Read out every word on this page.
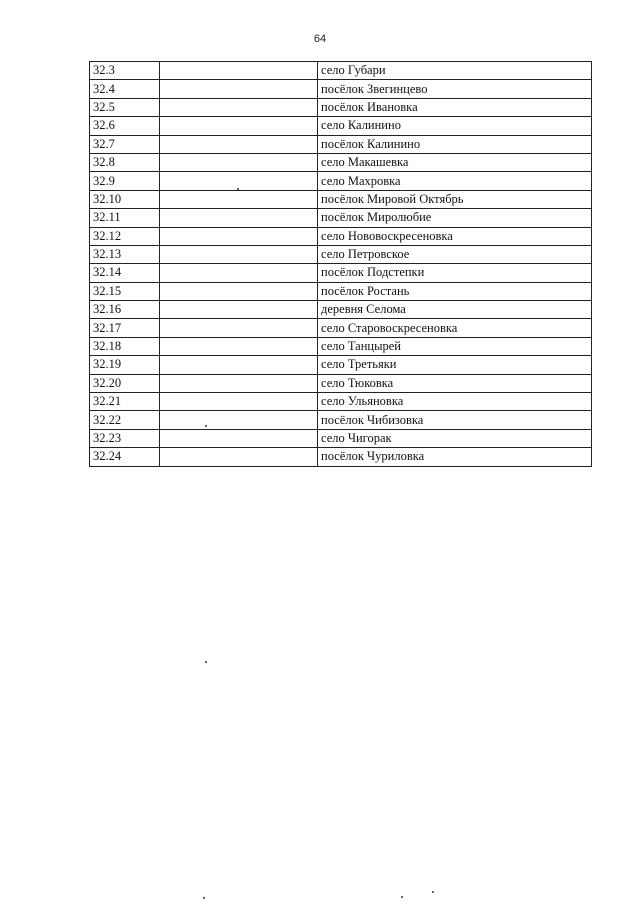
64
32.3		село Губари
32.4		посёлок Звегинцево
32.5		посёлок Ивановка
32.6		село Калинино
32.7		посёлок Калинино
32.8		село Макашевка
32.9		село Махровка
32.10		посёлок Мировой Октябрь
32.11		посёлок Миролюбие
32.12		село Нововоскресеновка
32.13		село Петровское
32.14		посёлок Подстепки
32.15		посёлок Ростань
32.16		деревня Селома
32.17		село Старовоскресеновка
32.18		село Танцырей
32.19		село Третьяки
32.20		село Тюковка
32.21		село Ульяновка
32.22		посёлок Чибизовка
32.23		село Чигорак
32.24		посёлок Чуриловка
